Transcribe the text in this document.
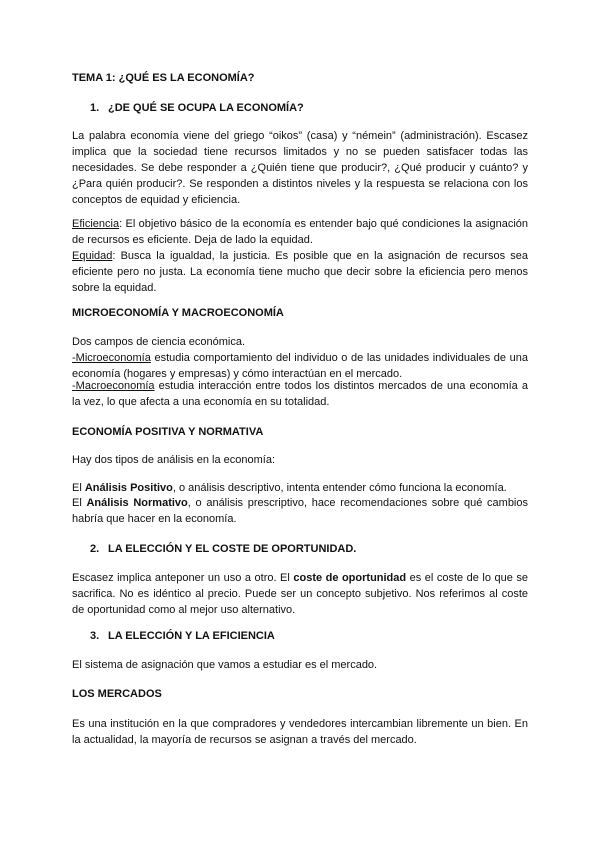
TEMA 1: ¿QUÉ ES LA ECONOMÍA?
1. ¿DE QUÉ SE OCUPA LA ECONOMÍA?

La palabra economía viene del griego “oikos” (casa) y “némein” (administración). Escasez implica que la sociedad tiene recursos limitados y no se pueden satisfacer todas las necesidades. Se debe responder a ¿Quién tiene que producir?, ¿Qué producir y cuánto? y ¿Para quién producir?. Se responden a distintos niveles y la respuesta se relaciona con los conceptos de equidad y eficiencia.

Eficiencia: El objetivo básico de la economía es entender bajo qué condiciones la asignación de recursos es eficiente. Deja de lado la equidad.

Equidad: Busca la igualdad, la justicia. Es posible que en la asignación de recursos sea eficiente pero no justa. La economía tiene mucho que decir sobre la eficiencia pero menos sobre la equidad.

MICROECONOMÍA Y MACROECONOMÍA

Dos campos de ciencia económica.

-Microeconomía estudia comportamiento del individuo o de las unidades individuales de una economía (hogares y empresas) y cómo interactúan en el mercado.

-Macroeconomía estudia interacción entre todos los distintos mercados de una economía a la vez, lo que afecta a una economía en su totalidad.

ECONOMÍA POSITIVA Y NORMATIVA

Hay dos tipos de análisis en la economía:

El Análisis Positivo, o análisis descriptivo, intenta entender cómo funciona la economía.

El Análisis Normativo, o análisis prescriptivo, hace recomendaciones sobre qué cambios habría que hacer en la economía.

2. LA ELECCIÓN Y EL COSTE DE OPORTUNIDAD.

Escasez implica anteponer un uso a otro. El coste de oportunidad es el coste de lo que se sacrifica. No es idéntico al precio. Puede ser un concepto subjetivo. Nos referimos al coste de oportunidad como al mejor uso alternativo.

3. LA ELECCIÓN Y LA EFICIENCIA

El sistema de asignación que vamos a estudiar es el mercado.

LOS MERCADOS

Es una institución en la que compradores y vendedores intercambian libremente un bien. En la actualidad, la mayoría de recursos se asignan a través del mercado.
